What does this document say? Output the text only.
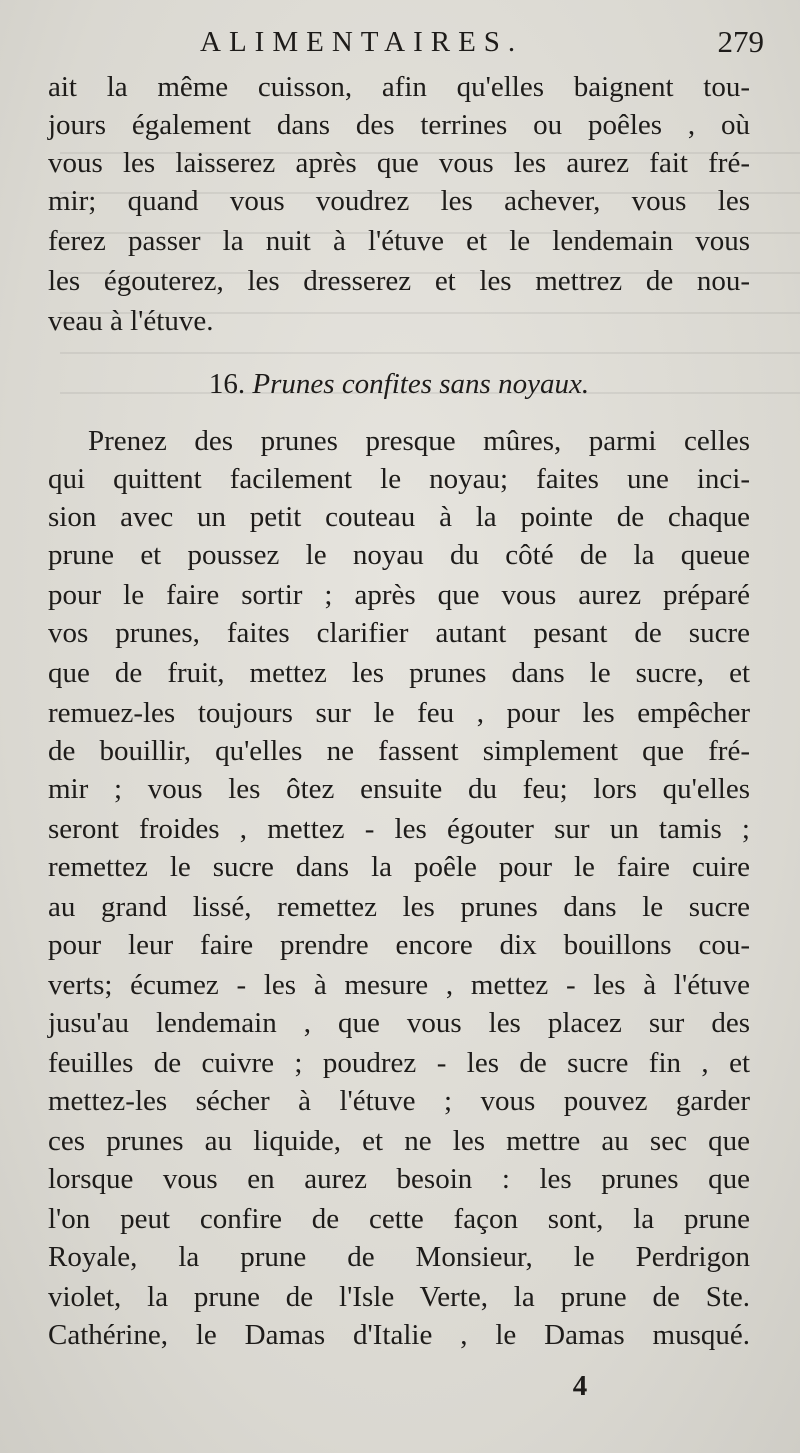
ALIMENTAIRES.	279
ait la même cuisson, afin qu'elles baignent tou-
jours également dans des terrines ou poêles , où
vous les laisserez après que vous les aurez fait fré-
mir; quand vous voudrez les achever, vous les
ferez passer la nuit à l'étuve et le lendemain vous
les égouterez, les dresserez et les mettrez de nou-
veau à l'étuve.
16. Prunes confites sans noyaux.
Prenez des prunes presque mûres, parmi celles
qui quittent facilement le noyau; faites une inci-
sion avec un petit couteau à la pointe de chaque
prune et poussez le noyau du côté de la queue
pour le faire sortir ; après que vous aurez préparé
vos prunes, faites clarifier autant pesant de sucre
que de fruit, mettez les prunes dans le sucre, et
remuez-les toujours sur le feu , pour les empêcher
de bouillir, qu'elles ne fassent simplement que fré-
mir ; vous les ôtez ensuite du feu; lors qu'elles
seront froides , mettez - les égouter sur un tamis ;
remettez le sucre dans la poêle pour le faire cuire
au grand lissé, remettez les prunes dans le sucre
pour leur faire prendre encore dix bouillons cou-
verts; écumez - les à mesure , mettez - les à l'étuve
jusu'au lendemain , que vous les placez sur des
feuilles de cuivre ; poudrez - les de sucre fin , et
mettez-les sécher à l'étuve ; vous pouvez garder
ces prunes au liquide, et ne les mettre au sec que
lorsque vous en aurez besoin : les prunes que
l'on peut confire de cette façon sont, la prune
Royale, la prune de Monsieur, le Perdrigon
violet, la prune de l'Isle Verte, la prune de Ste.
Cathérine, le Damas d'Italie , le Damas musqué.
4
